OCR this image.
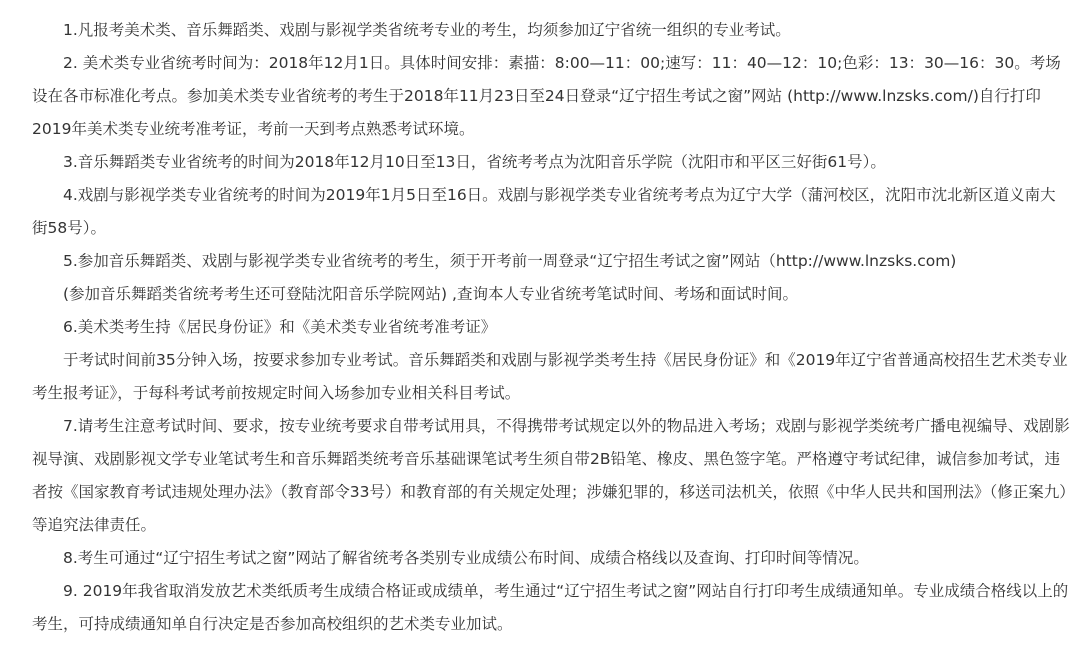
1.凡报考美术类、音乐舞蹈类、戏剧与影视学类省统考专业的考生，均须参加辽宁省统一组织的专业考试。

2. 美术类专业省统考时间为：2018年12月1日。具体时间安排：素描：8:00—11：00;速写：11：40—12：10;色彩：13：30—16：30。考场设在各市标准化考点。参加美术类专业省统考的考生于2018年11月23日至24日登录“辽宁招生考试之窗”网站 (http://www.lnzsks.com/)自行打印2019年美术类专业统考准考证，考前一天到考点熟悉考试环境。

3.音乐舞蹈类专业省统考的时间为2018年12月10日至13日，省统考考点为沈阳音乐学院（沈阳市和平区三好街61号）。

4.戏剧与影视学类专业省统考的时间为2019年1月5日至16日。戏剧与影视学类专业省统考考点为辽宁大学（蒲河校区，沈阳市沈北新区道义南大街58号）。

5.参加音乐舞蹈类、戏剧与影视学类专业省统考的考生，须于开考前一周登录“辽宁招生考试之窗”网站（http://www.lnzsks.com)

(参加音乐舞蹈类省统考考生还可登陆沈阳音乐学院网站) ,查询本人专业省统考笔试时间、考场和面试时间。

6.美术类考生持《居民身份证》和《美术类专业省统考准考证》

于考试时间前35分钟入场，按要求参加专业考试。音乐舞蹈类和戏剧与影视学类考生持《居民身份证》和《2019年辽宁省普通高校招生艺术类专业考生报考证》，于每科考试考前按规定时间入场参加专业相关科目考试。

7.请考生注意考试时间、要求，按专业统考要求自带考试用具，不得携带考试规定以外的物品进入考场；戏剧与影视学类统考广播电视编导、戏剧影视导演、戏剧影视文学专业笔试考生和音乐舞蹈类统考音乐基础课笔试考生须自带2B铅笔、橡皮、黑色签字笔。严格遵守考试纪律，诚信参加考试，违者按《国家教育考试违规处理办法》（教育部令33号）和教育部的有关规定处理；涉嫌犯罪的，移送司法机关，依照《中华人民共和国刑法》（修正案九）等追究法律责任。

8.考生可通过“辽宁招生考试之窗”网站了解省统考各类别专业成绩公布时间、成绩合格线以及查询、打印时间等情况。

9. 2019年我省取消发放艺术类纸质考生成绩合格证或成绩单，考生通过“辽宁招生考试之窗”网站自行打印考生成绩通知单。专业成绩合格线以上的考生，可持成绩通知单自行决定是否参加高校组织的艺术类专业加试。
